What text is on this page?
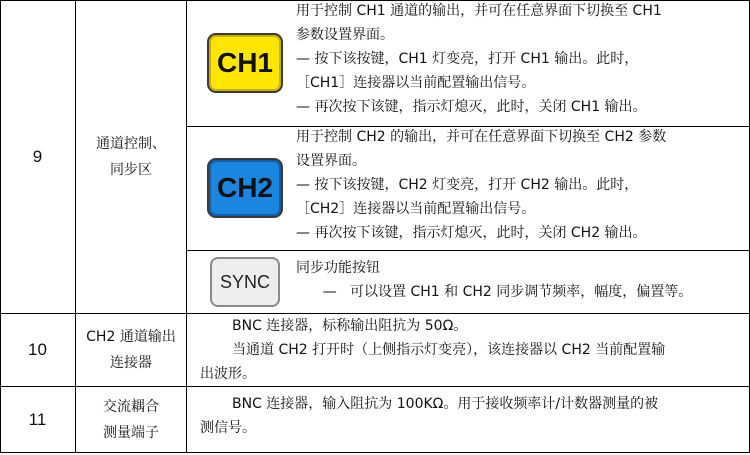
9
通道控制、
同步区
CH1
用于控制 CH1 通道的输出，并可在任意界面下切换至 CH1
参数设置界面。
— 按下该按键，CH1 灯变亮，打开 CH1 输出。此时，
［CH1］连接器以当前配置输出信号。
— 再次按下该键，指示灯熄灭，此时，关闭 CH1 输出。
CH2
用于控制 CH2 的输出，并可在任意界面下切换至 CH2 参数
设置界面。
— 按下该按键，CH2 灯变亮，打开 CH2 输出。此时，
［CH2］连接器以当前配置输出信号。
— 再次按下该键，指示灯熄灭，此时，关闭 CH2 输出。
SYNC
同步功能按钮
—   可以设置 CH1 和 CH2 同步调节频率，幅度，偏置等。
10
CH2 通道输出
连接器
BNC 连接器，标称输出阻抗为 50Ω。
当通道 CH2 打开时（上侧指示灯变亮），该连接器以 CH2 当前配置输
出波形。
11
交流耦合
测量端子
BNC 连接器，输入阻抗为 100KΩ。用于接收频率计/计数器测量的被
测信号。
